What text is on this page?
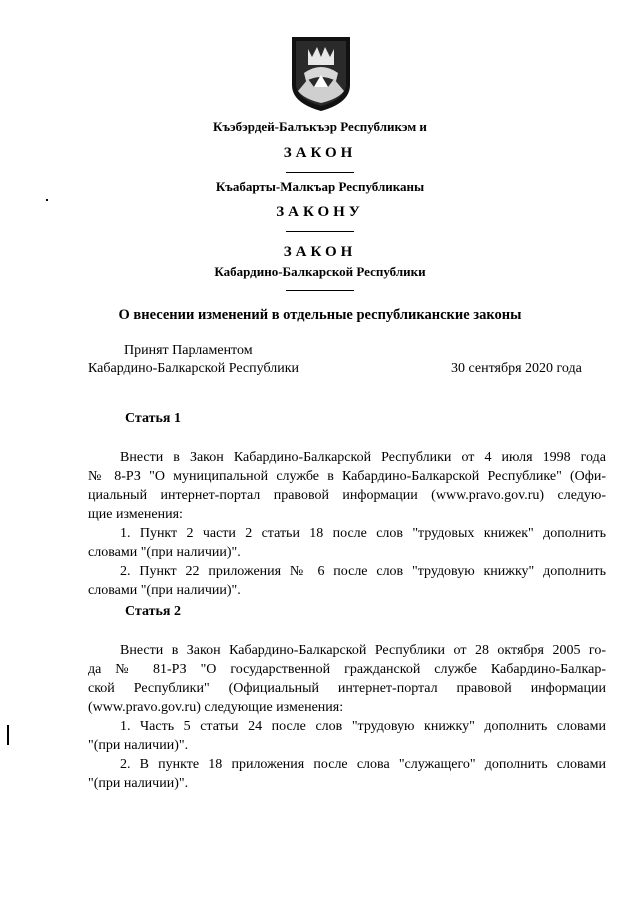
Къэбэрдей-Балъкъэр Республикэм и
ЗАКОН
Къабарты-Малкъар Республиканы
ЗАКОНУ
ЗАКОН
Кабардино-Балкарской Республики
О внесении изменений в отдельные республиканские законы
Принят Парламентом
Кабардино-Балкарской Республики	30 сентября 2020 года
Статья 1
Внести в Закон Кабардино-Балкарской Республики от 4 июля 1998 года
№ 8-РЗ "О муниципальной службе в Кабардино-Балкарской Республике" (Офи-
циальный интернет-портал правовой информации (www.pravo.gov.ru) следую-
щие изменения:
1. Пункт 2 части 2 статьи 18 после слов "трудовых книжек" дополнить
словами "(при наличии)".
2. Пункт 22 приложения № 6 после слов "трудовую книжку" дополнить
словами "(при наличии)".
Статья 2
Внести в Закон Кабардино-Балкарской Республики от 28 октября 2005 го-
да № 81-РЗ "О государственной гражданской службе Кабардино-Балкар-
ской Республики" (Официальный интернет-портал правовой информации
(www.pravo.gov.ru) следующие изменения:
1. Часть 5 статьи 24 после слов "трудовую книжку" дополнить словами
"(при наличии)".
2. В пункте 18 приложения после слова "служащего" дополнить словами
"(при наличии)".
